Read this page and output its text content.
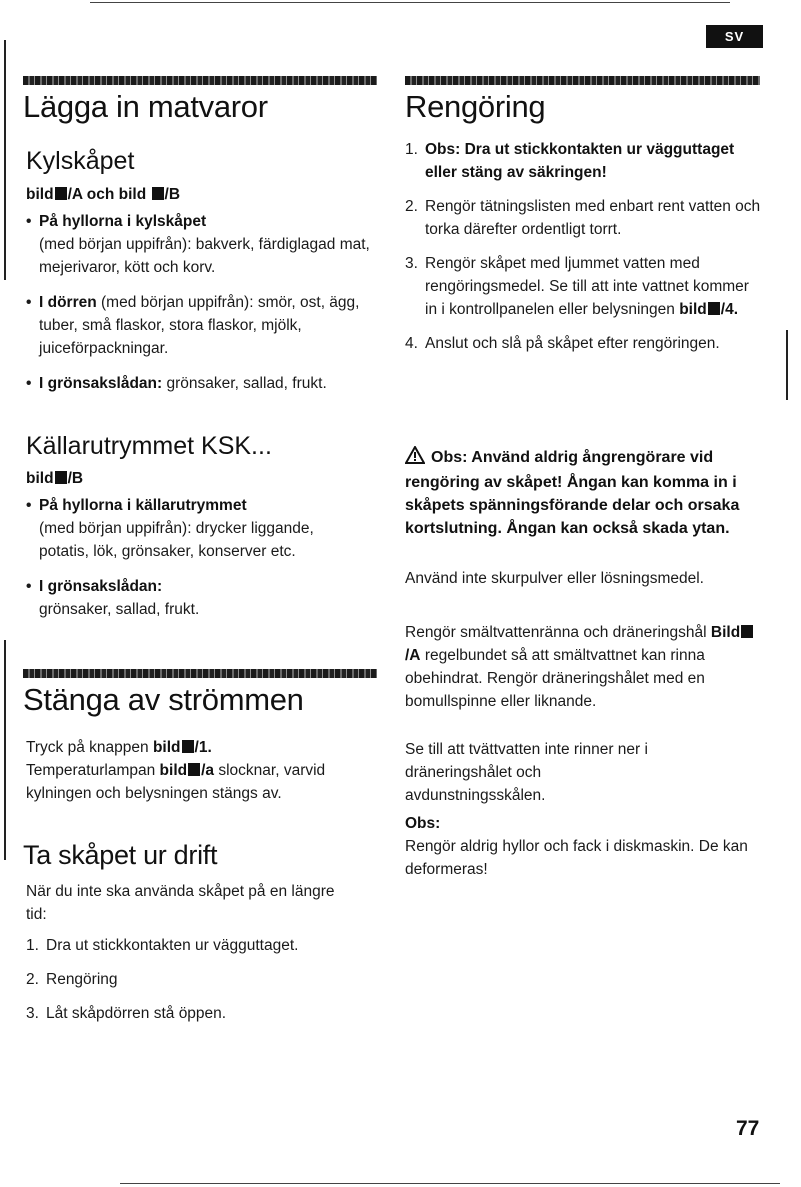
SV
Lägga in matvaror
Kylskåpet
bild /A och bild /B
• På hyllorna i kylskåpet
(med början uppifrån): bakverk, färdiglagad mat, mejerivaror, kött och korv.
• I dörren (med början uppifrån): smör, ost, ägg, tuber, små flaskor, stora flaskor, mjölk, juiceförpackningar.
• I grönsakslådan: grönsaker, sallad, frukt.
Källarutrymmet KSK...
bild /B
• På hyllorna i källarutrymmet
(med början uppifrån): drycker liggande, potatis, lök, grönsaker, konserver etc.
• I grönsakslådan:
grönsaker, sallad, frukt.
Stänga av strömmen
Tryck på knappen bild /1.
Temperaturlampan bild /a slocknar, varvid kylningen och belysningen stängs av.
Ta skåpet ur drift
När du inte ska använda skåpet på en längre tid:
1. Dra ut stickkontakten ur vägguttaget.
2. Rengöring
3. Låt skåpdörren stå öppen.
Rengöring
1. Obs: Dra ut stickkontakten ur vägguttaget eller stäng av säkringen!
2. Rengör tätningslisten med enbart rent vatten och torka därefter ordentligt torrt.
3. Rengör skåpet med ljummet vatten med rengöringsmedel. Se till att inte vattnet kommer in i kontrollpanelen eller belysningen bild /4.
4. Anslut och slå på skåpet efter rengöringen.
Obs: Använd aldrig ångrengörare vid rengöring av skåpet! Ångan kan komma in i skåpets spänningsförande delar och orsaka kortslutning. Ångan kan också skada ytan.
Använd inte skurpulver eller lösningsmedel.
Rengör smältvattenränna och dräneringshål Bild/A regelbundet så att smältvattnet kan rinna obehindrat. Rengör dräneringshålet med en bomullspinne eller liknande.
Se till att tvättvatten inte rinner ner i dräneringshålet och avdunstningsskålen.
Obs:
Rengör aldrig hyllor och fack i diskmaskin. De kan deformeras!
77
